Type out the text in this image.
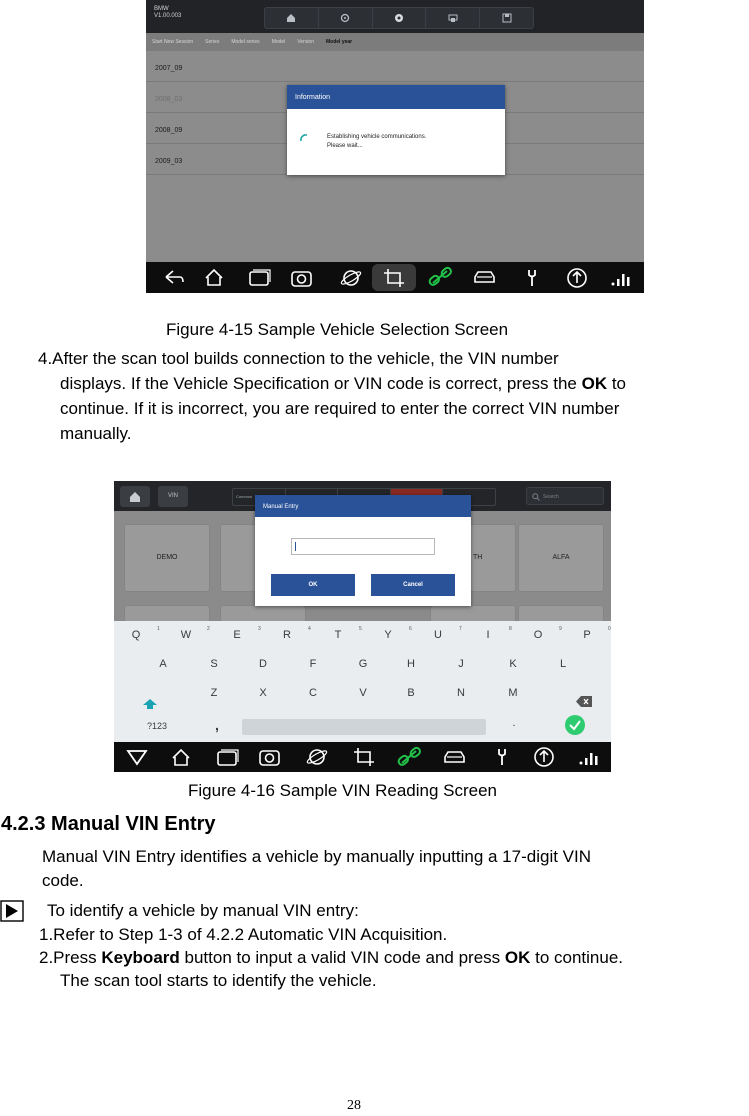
BMW
V1.00.003
Start New Session	Series	Model series	Model	Version	Model year
2007_09
2008_03
2008_09
2009_03
Information
Establishing vehicle communications.
Please wait...
Figure 4-15 Sample Vehicle Selection Screen
4.After the scan tool builds connection to the vehicle, the VIN number
displays. If the Vehicle Specification or VIN code is correct, press the OK to
continue. If it is incorrect, you are required to enter the correct VIN number
manually.
VIN	Common	Search
DEMO	TH	ALFA
Manual Entry
OK	Cancel
?123	,	.
Q	1	W	2	E	3	R	4	T	5	Y	6	U	7	I	8	O	9	P	0
A	S	D	F	G	H	J	K	L
Z	X	C	V	B	N	M
Figure 4-16 Sample VIN Reading Screen
4.2.3 Manual VIN Entry
Manual VIN Entry identifies a vehicle by manually inputting a 17-digit VIN
code.
To identify a vehicle by manual VIN entry:
1.Refer to Step 1-3 of 4.2.2 Automatic VIN Acquisition.
2.Press Keyboard button to input a valid VIN code and press OK to continue.
The scan tool starts to identify the vehicle.
28
